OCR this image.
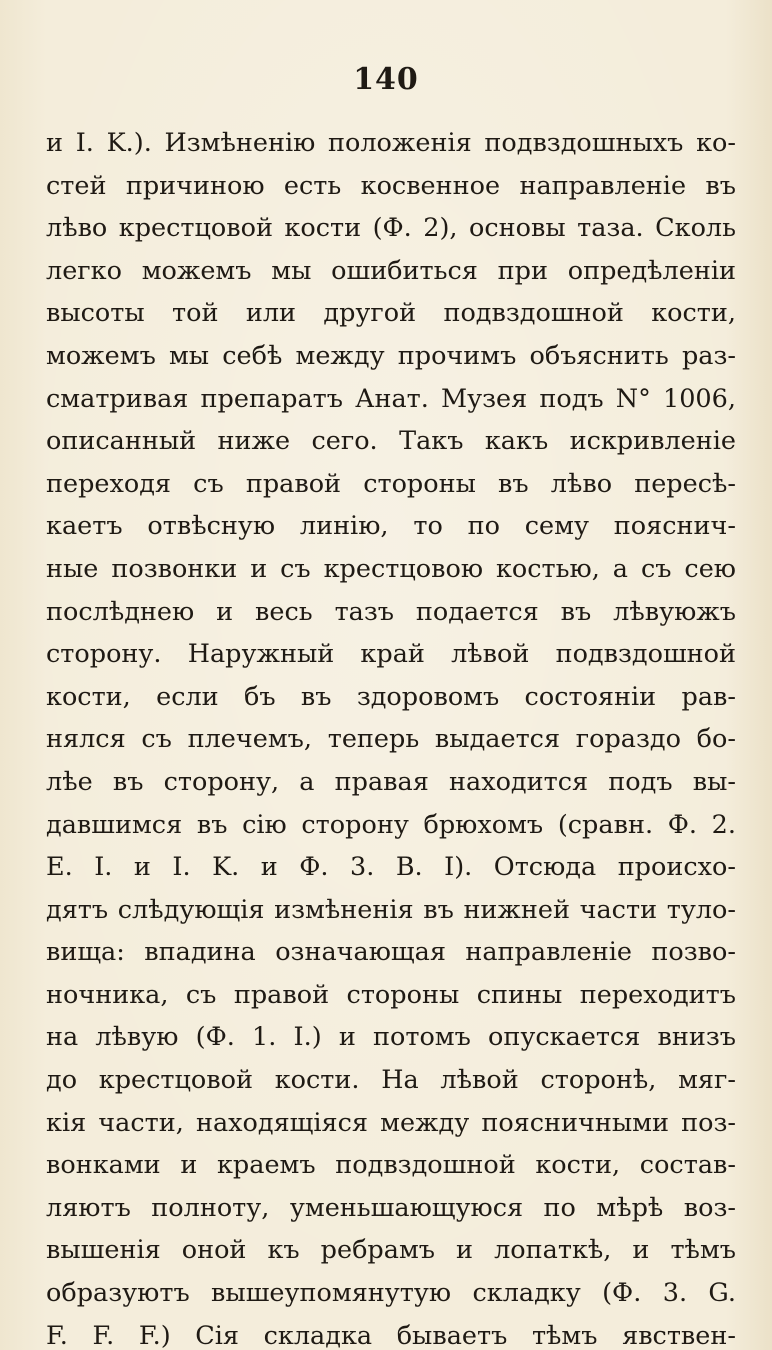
140
и I. K.). Измѣненiю положенiя подвздошныхъ ко-
стей причиною есть косвенное направленiе въ
лѣво крестцовой кости (Ф. 2), основы таза. Сколь
легко можемъ мы ошибиться при опредѣленiи
высоты той или другой подвздошной кости,
можемъ мы себѣ между прочимъ объяснить раз-
сматривая препаратъ Анат. Музея подъ N° 1006,
описанный ниже сего. Такъ какъ искривленiе
переходя съ правой стороны въ лѣво пересѣ-
каетъ отвѣсную линiю, то по сему пояснич-
ные позвонки и съ крестцовою костью, а съ сею
послѣднею и весь тазъ подается въ лѣвуюжъ
сторону. Наружный край лѣвой подвздошной
кости, если бъ въ здоровомъ состоянiи рав-
нялся съ плечемъ, теперь выдается гораздо бо-
лѣе въ сторону, а правая находится подъ вы-
давшимся въ сiю сторону брюхомъ (сравн. Ф. 2.
E. I. и I. K. и Ф. 3. B. I). Отсюда происхо-
дятъ слѣдующiя измѣненiя въ нижней части туло-
вища: впадина означающая направленiе позво-
ночника, съ правой стороны спины переходитъ
на лѣвую (Ф. 1. I.) и потомъ опускается внизъ
до крестцовой кости. На лѣвой сторонѣ, мяг-
кiя части, находящiяся между поясничными поз-
вонками и краемъ подвздошной кости, состав-
ляютъ полноту, уменьшающуюся по мѣрѣ воз-
вышенiя оной къ ребрамъ и лопаткѣ, и тѣмъ
образуютъ вышеупомянутую складку (Ф. 3. G.
F. F. F.) Сiя складка бываетъ тѣмъ явствен-
